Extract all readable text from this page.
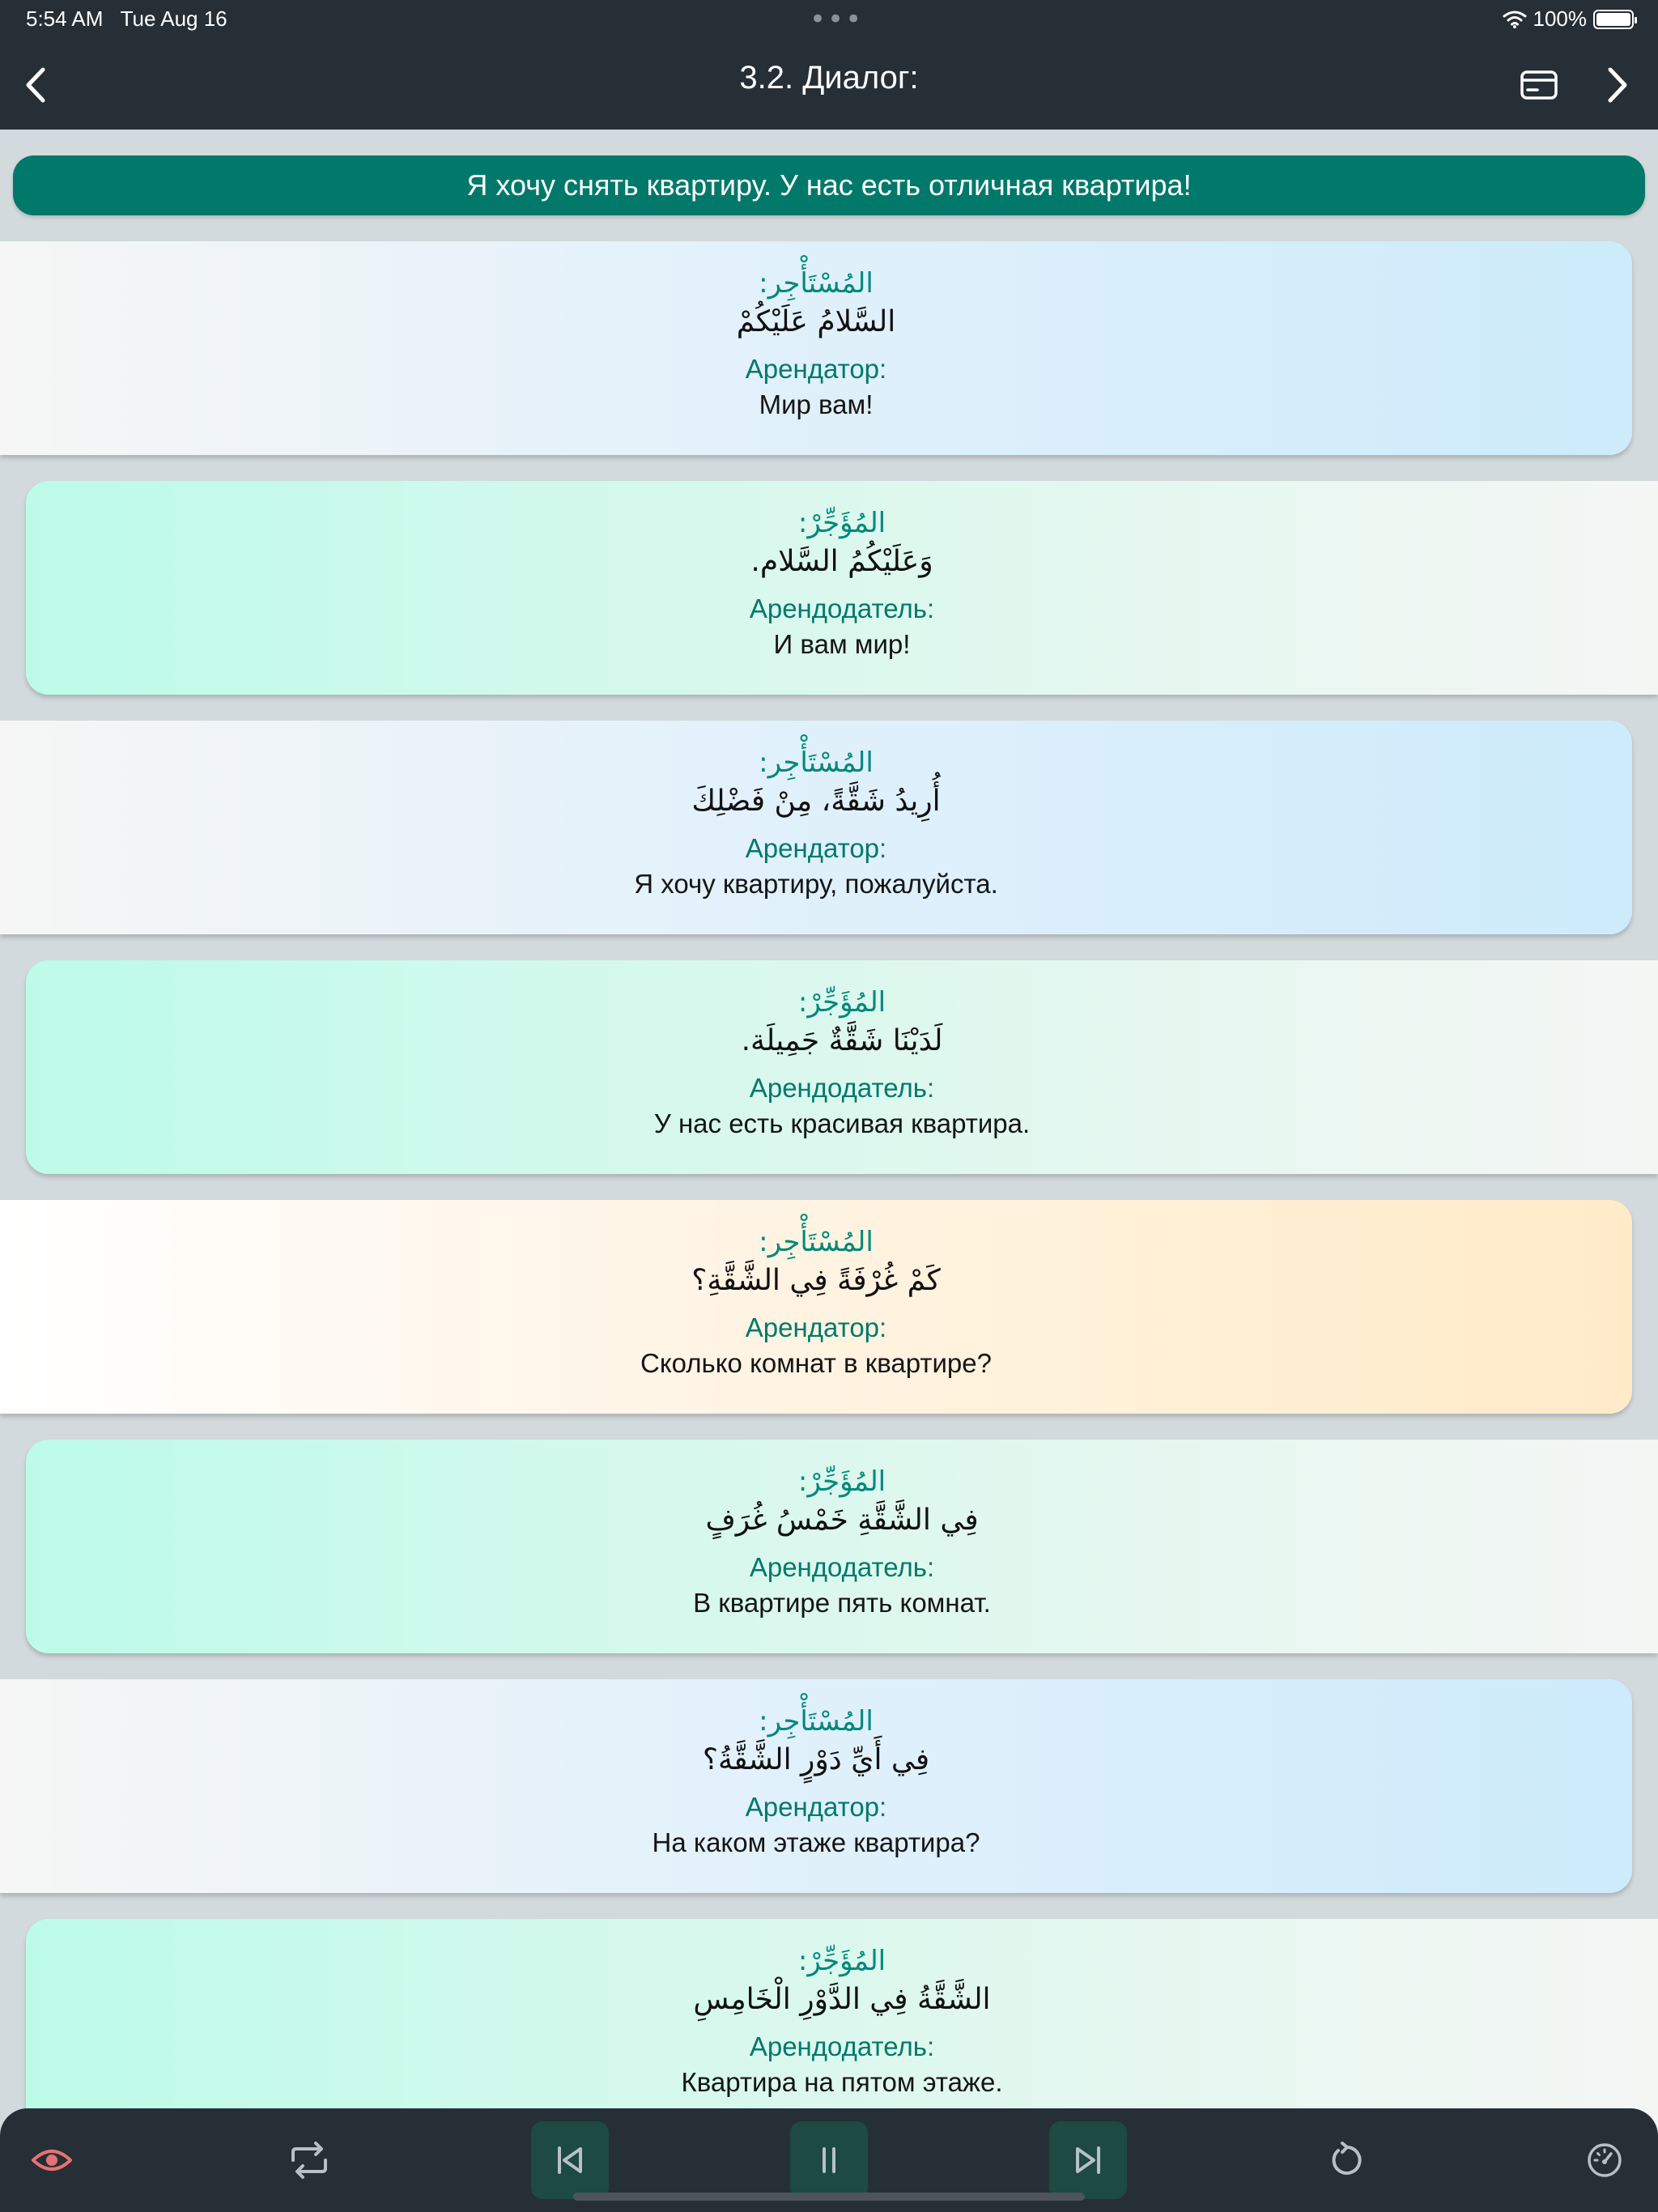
5:54 AM Tue Aug 16	•••	100%
3.2. Диалог:
Я хочу снять квартиру. У нас есть отличная квартира!
المُسْتَأْجِر:
السَّلامُ عَلَيْكُمْ
Арендатор:
Мир вам!
المُؤَجِّرْ:
وَعَلَيْكُمُ السَّلام.
Арендодатель:
И вам мир!
المُسْتَأْجِر:
أُرِيدُ شَقَّةً، مِنْ فَضْلِكَ
Арендатор:
Я хочу квартиру, пожалуйста.
المُؤَجِّرْ:
لَدَيْنَا شَقَّةٌ جَمِيلَة.
Арендодатель:
У нас есть красивая квартира.
المُسْتَأْجِر:
كَمْ غُرْفَةً فِي الشَّقَّةِ؟
Арендатор:
Сколько комнат в квартире?
المُؤَجِّرْ:
فِي الشَّقَّةِ خَمْسُ غُرَفٍ
Арендодатель:
В квартире пять комнат.
المُسْتَأْجِر:
فِي أَيِّ دَوْرٍ الشَّقَّةُ؟
Арендатор:
На каком этаже квартира?
المُؤَجِّرْ:
الشَّقَّةُ فِي الدَّوْرِ الْخَامِسِ
Арендодатель:
Квартира на пятом этаже.
